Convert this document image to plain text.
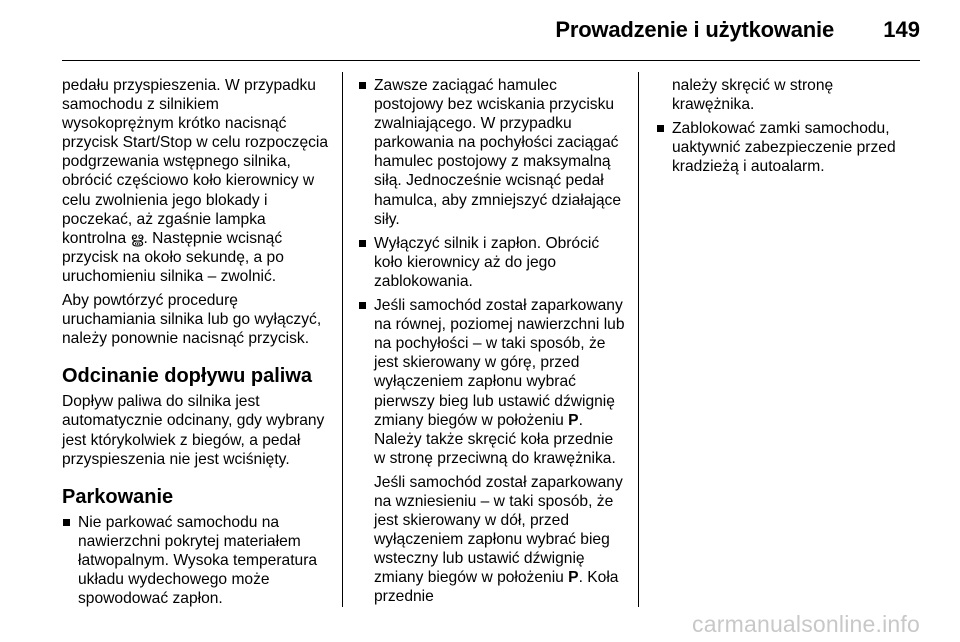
Prowadzenie i użytkowanie 149

pedału przyspieszenia. W przypadku samochodu z silnikiem wysokoprężnym krótko nacisnąć przycisk Start/Stop w celu rozpoczęcia podgrzewania wstępnego silnika, obrócić częściowo koło kierownicy w celu zwolnienia jego blokady i poczekać, aż zgaśnie lampka kontrolna ൠ. Następnie wcisnąć przycisk na około sekundę, a po uruchomieniu silnika – zwolnić.

Aby powtórzyć procedurę uruchamiania silnika lub go wyłączyć, należy ponownie nacisnąć przycisk.

Odcinanie dopływu paliwa

Dopływ paliwa do silnika jest automatycznie odcinany, gdy wybrany jest którykolwiek z biegów, a pedał przyspieszenia nie jest wciśnięty.

Parkowanie
Nie parkować samochodu na nawierzchni pokrytej materiałem łatwopalnym. Wysoka temperatura układu wydechowego może spowodować zapłon.
Zawsze zaciągać hamulec postojowy bez wciskania przycisku zwalniającego. W przypadku parkowania na pochyłości zaciągać hamulec postojowy z maksymalną siłą. Jednocześnie wcisnąć pedał hamulca, aby zmniejszyć działające siły.
Wyłączyć silnik i zapłon. Obrócić koło kierownicy aż do jego zablokowania.
Jeśli samochód został zaparkowany na równej, poziomej nawierzchni lub na pochyłości – w taki sposób, że jest skierowany w górę, przed wyłączeniem zapłonu wybrać pierwszy bieg lub ustawić dźwignię zmiany biegów w położeniu P. Należy także skręcić koła przednie w stronę przeciwną do krawężnika.
Jeśli samochód został zaparkowany na wzniesieniu – w taki sposób, że jest skierowany w dół, przed wyłączeniem zapłonu wybrać bieg wsteczny lub ustawić dźwignię zmiany biegów w położeniu P. Koła przednie
należy skręcić w stronę krawężnika.
Zablokować zamki samochodu, uaktywnić zabezpieczenie przed kradzieżą i autoalarm.
carmanualsonline.info
